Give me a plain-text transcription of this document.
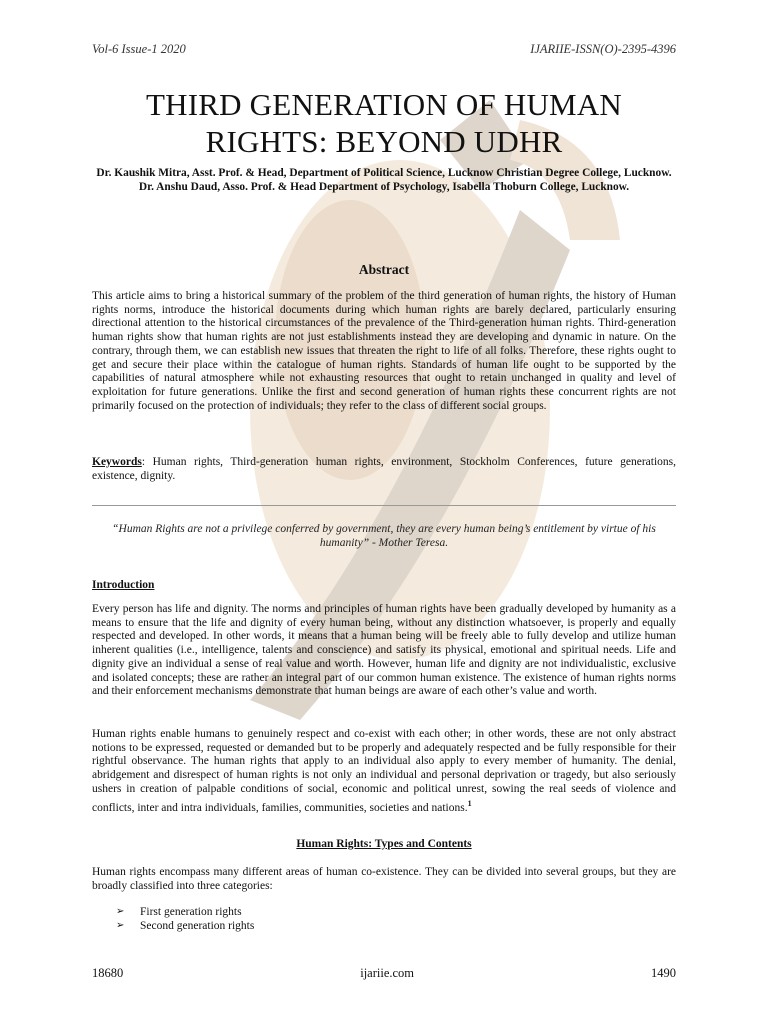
Vol-6 Issue-1 2020	IJARIIE-ISSN(O)-2395-4396
THIRD GENERATION OF HUMAN
RIGHTS: BEYOND UDHR
Dr. Kaushik Mitra, Asst. Prof. & Head, Department of Political Science, Lucknow Christian Degree College, Lucknow.
Dr. Anshu Daud, Asso. Prof. & Head Department of Psychology, Isabella Thoburn College, Lucknow.
Abstract
This article aims to bring a historical summary of the problem of the third generation of human rights, the history of Human rights norms, introduce the historical documents during which human rights are barely declared, particularly ensuring directional attention to the historical circumstances of the prevalence of the Third-generation human rights. Third-generation human rights show that human rights are not just establishments instead they are developing and dynamic in nature. On the contrary, through them, we can establish new issues that threaten the right to life of all folks. Therefore, these rights ought to get and secure their place within the catalogue of human rights. Standards of human life ought to be supported by the capabilities of natural atmosphere while not exhausting resources that ought to retain unchanged in quality and level of exploitation for future generations. Unlike the first and second generation of human rights these concurrent rights are not primarily focused on the protection of individuals; they refer to the class of different social groups.
Keywords: Human rights, Third-generation human rights, environment, Stockholm Conferences, future generations, existence, dignity.
“Human Rights are not a privilege conferred by government, they are every human being’s entitlement by virtue of his humanity” - Mother Teresa.
Introduction
Every person has life and dignity. The norms and principles of human rights have been gradually developed by humanity as a means to ensure that the life and dignity of every human being, without any distinction whatsoever, is properly and equally respected and developed. In other words, it means that a human being will be freely able to fully develop and utilize human inherent qualities (i.e., intelligence, talents and conscience) and satisfy its physical, emotional and spiritual needs. Life and dignity give an individual a sense of real value and worth. However, human life and dignity are not individualistic, exclusive and isolated concepts; these are rather an integral part of our common human existence. The existence of human rights norms and their enforcement mechanisms demonstrate that human beings are aware of each other’s value and worth.
Human rights enable humans to genuinely respect and co-exist with each other; in other words, these are not only abstract notions to be expressed, requested or demanded but to be properly and adequately respected and be fully responsible for their rightful observance. The human rights that apply to an individual also apply to every member of humanity. The denial, abridgement and disrespect of human rights is not only an individual and personal deprivation or tragedy, but also seriously ushers in creation of palpable conditions of social, economic and political unrest, sowing the real seeds of violence and conflicts, inter and intra individuals, families, communities, societies and nations.$^1$
Human Rights: Types and Contents
Human rights encompass many different areas of human co-existence. They can be divided into several groups, but they are broadly classified into three categories:
➢	First generation rights
➢	Second generation rights
18680	ijariie.com	1490
